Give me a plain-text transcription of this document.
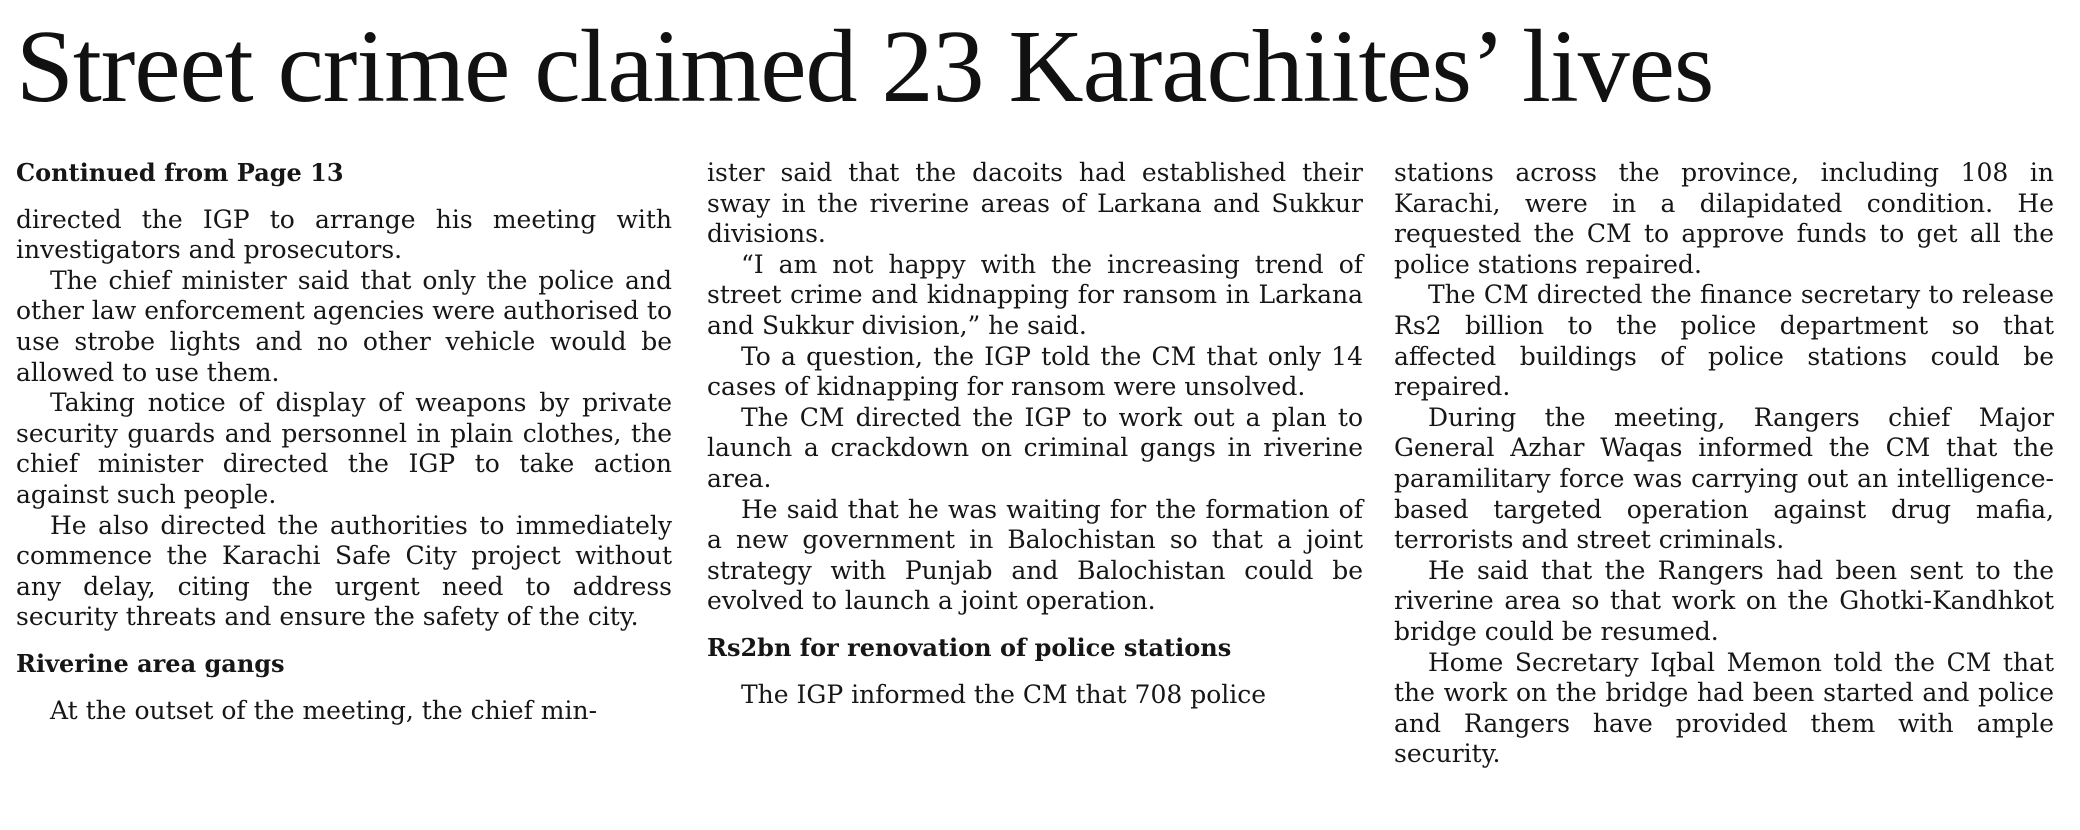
Street crime claimed 23 Karachiites’ lives
Continued from Page 13

directed the IGP to arrange his meeting with investigators and prosecutors.

The chief minister said that only the police and other law enforcement agencies were authorised to use strobe lights and no other vehicle would be allowed to use them.

Taking notice of display of weapons by private security guards and personnel in plain clothes, the chief minister directed the IGP to take action against such people.

He also directed the authorities to immediately commence the Karachi Safe City project without any delay, citing the urgent need to address security threats and ensure the safety of the city.

Riverine area gangs

At the outset of the meeting, the chief min-

ister said that the dacoits had established their sway in the riverine areas of Larkana and Sukkur divisions.

“I am not happy with the increasing trend of street crime and kidnapping for ransom in Larkana and Sukkur division,” he said.

To a question, the IGP told the CM that only 14 cases of kidnapping for ransom were unsolved.

The CM directed the IGP to work out a plan to launch a crackdown on criminal gangs in riverine area.

He said that he was waiting for the formation of a new government in Balochistan so that a joint strategy with Punjab and Balochistan could be evolved to launch a joint operation.

Rs2bn for renovation of police stations

The IGP informed the CM that 708 police

stations across the province, including 108 in Karachi, were in a dilapidated condition. He requested the CM to approve funds to get all the police stations repaired.

The CM directed the finance secretary to release Rs2 billion to the police department so that affected buildings of police stations could be repaired.

During the meeting, Rangers chief Major General Azhar Waqas informed the CM that the paramilitary force was carrying out an intelligence-based targeted operation against drug mafia, terrorists and street criminals.

He said that the Rangers had been sent to the riverine area so that work on the Ghotki-Kandhkot bridge could be resumed.

Home Secretary Iqbal Memon told the CM that the work on the bridge had been started and police and Rangers have provided them with ample security.
